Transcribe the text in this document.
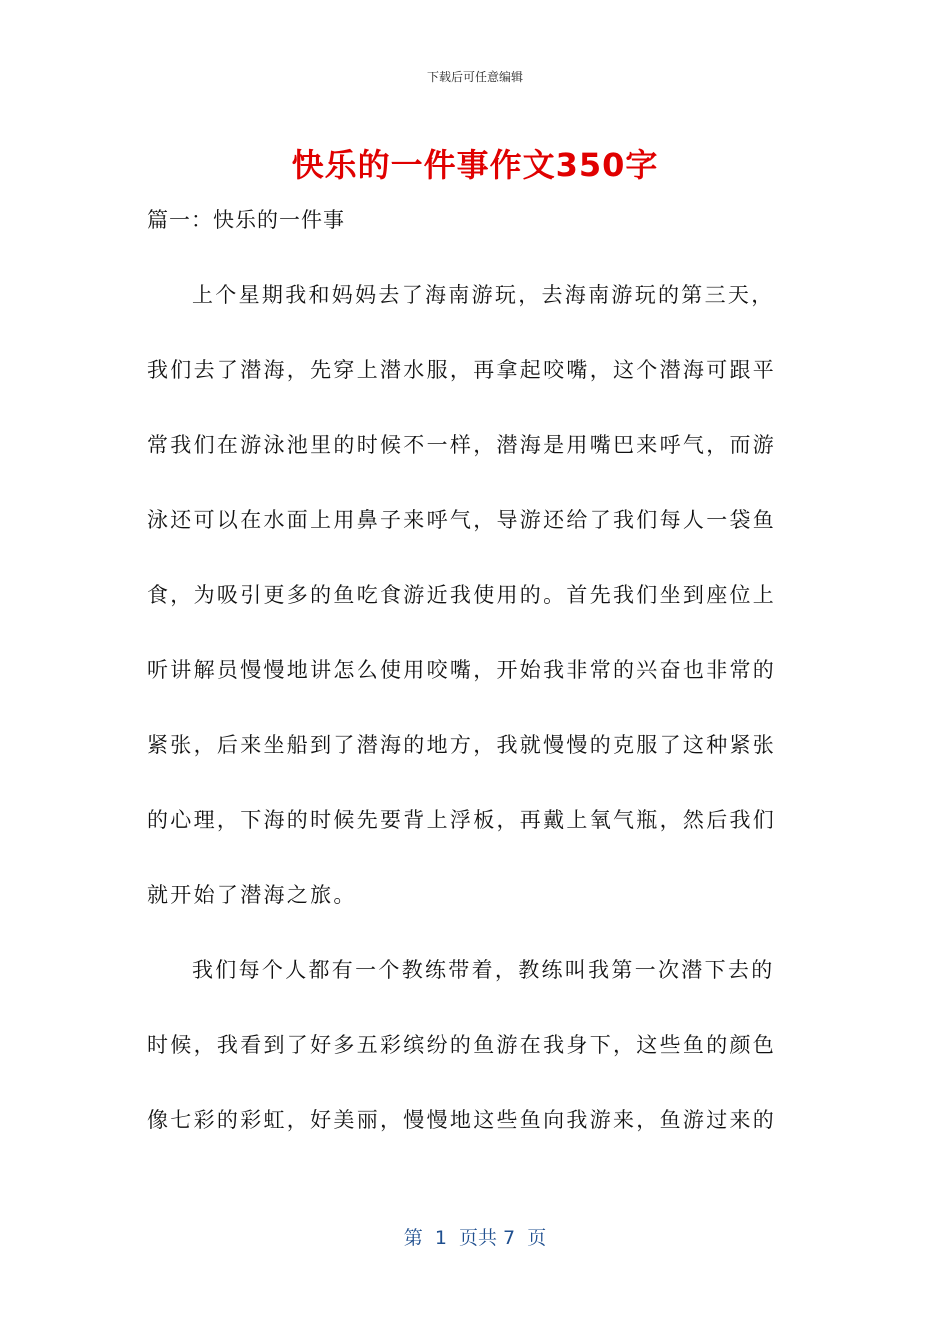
下载后可任意编辑
快乐的一件事作文350字
篇一：快乐的一件事
上个星期我和妈妈去了海南游玩，去海南游玩的第三天，
我们去了潜海，先穿上潜水服，再拿起咬嘴，这个潜海可跟平
常我们在游泳池里的时候不一样，潜海是用嘴巴来呼气，而游
泳还可以在水面上用鼻子来呼气，导游还给了我们每人一袋鱼
食，为吸引更多的鱼吃食游近我使用的。首先我们坐到座位上
听讲解员慢慢地讲怎么使用咬嘴，开始我非常的兴奋也非常的
紧张，后来坐船到了潜海的地方，我就慢慢的克服了这种紧张
的心理，下海的时候先要背上浮板，再戴上氧气瓶，然后我们
就开始了潜海之旅。
我们每个人都有一个教练带着，教练叫我第一次潜下去的
时候，我看到了好多五彩缤纷的鱼游在我身下，这些鱼的颜色
像七彩的彩虹，好美丽，慢慢地这些鱼向我游来，鱼游过来的
第  1  页共 7  页
